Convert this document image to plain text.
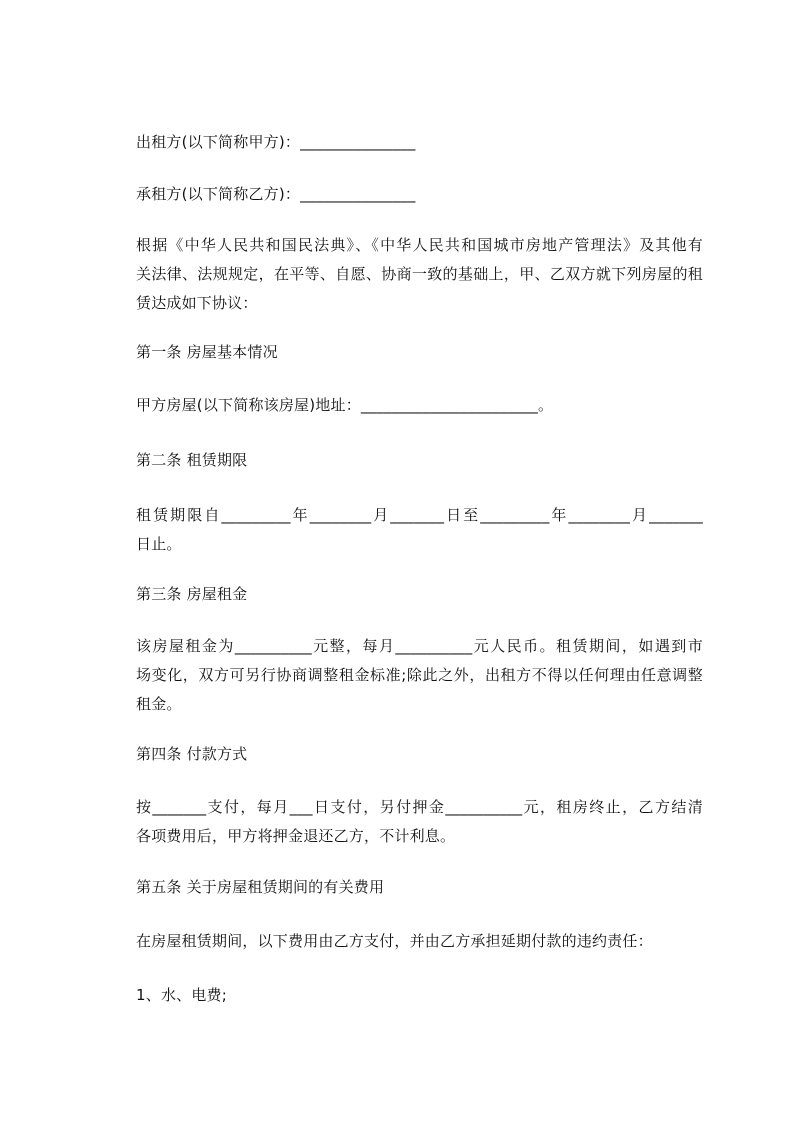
出租方(以下简称甲方)：_______________
承租方(以下简称乙方)：_______________
根据《中华人民共和国民法典》、《中华人民共和国城市房地产管理法》及其他有
关法律、法规规定，在平等、自愿、协商一致的基础上，甲、乙双方就下列房屋的租
赁达成如下协议：
第一条 房屋基本情况
甲方房屋(以下简称该房屋)地址：_______________________。
第二条 租赁期限
租赁期限自_________年________月_______日至_________年________月_______
日止。
第三条 房屋租金
该房屋租金为__________元整，每月__________元人民币。租赁期间，如遇到市
场变化，双方可另行协商调整租金标准;除此之外，出租方不得以任何理由任意调整
租金。
第四条 付款方式
按_______支付，每月___日支付，另付押金__________元，租房终止，乙方结清
各项费用后，甲方将押金退还乙方，不计利息。
第五条 关于房屋租赁期间的有关费用
在房屋租赁期间，以下费用由乙方支付，并由乙方承担延期付款的违约责任：
1、水、电费;
